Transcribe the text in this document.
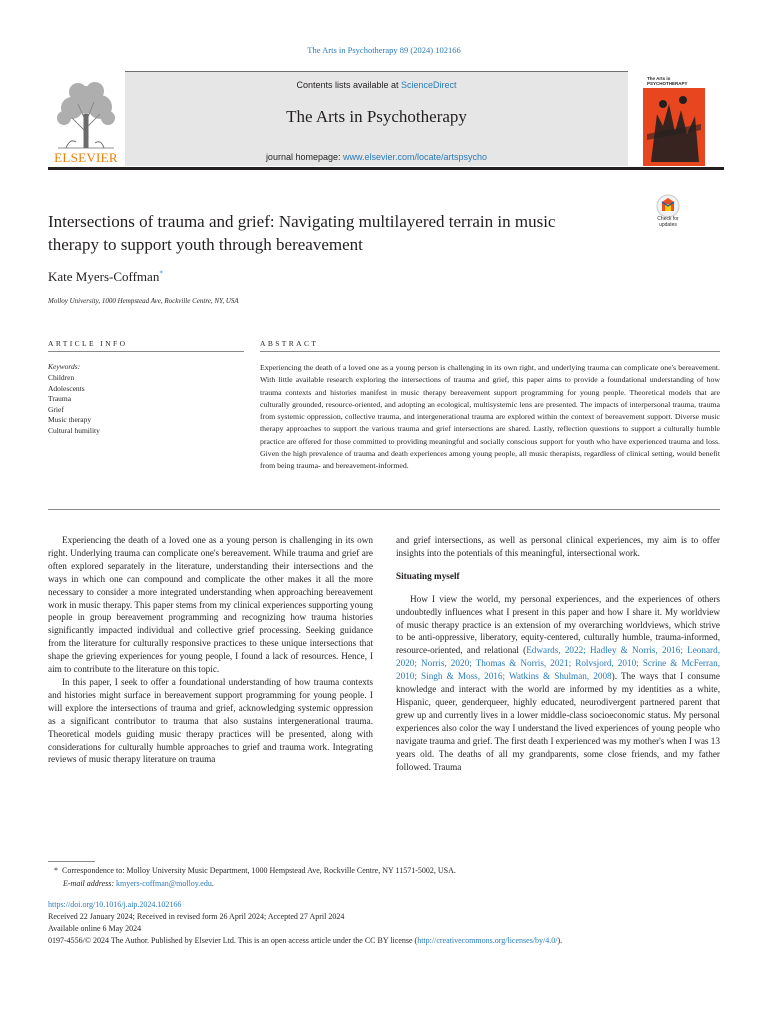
The Arts in Psychotherapy 89 (2024) 102166
Contents lists available at ScienceDirect
The Arts in Psychotherapy
journal homepage: www.elsevier.com/locate/artspsycho
ELSEVIER
The Arts in PSYCHOTHERAPY
Intersections of trauma and grief: Navigating multilayered terrain in music therapy to support youth through bereavement
Check for
updates
Kate Myers-Coffman*
Molloy University, 1000 Hempstead Ave, Rockville Centre, NY, USA
ARTICLE INFO	ABSTRACT
Keywords:
Children
Adolescents
Trauma
Grief
Music therapy
Cultural humility
Experiencing the death of a loved one as a young person is challenging in its own right, and underlying trauma can complicate one's bereavement. With little available research exploring the intersections of trauma and grief, this paper aims to provide a foundational understanding of how trauma contexts and histories manifest in music therapy bereavement support programming for young people. Theoretical models that are culturally grounded, resource-oriented, and adopting an ecological, multisystemic lens are presented. The impacts of interpersonal trauma, trauma from systemic oppression, collective trauma, and intergenerational trauma are explored within the context of bereavement support. Diverse music therapy approaches to support the various trauma and grief intersections are shared. Lastly, reflection questions to support a culturally humble practice are offered for those committed to providing meaningful and socially conscious support for youth who have experienced trauma and loss. Given the high prevalence of trauma and death experiences among young people, all music therapists, regardless of clinical setting, would benefit from being trauma- and bereavement-informed.

Experiencing the death of a loved one as a young person is challenging in its own right. Underlying trauma can complicate one's bereavement. While trauma and grief are often explored separately in the literature, understanding their intersections and the ways in which one can compound and complicate the other makes it all the more necessary to consider a more integrated understanding when approaching bereavement work in music therapy. This paper stems from my clinical experiences supporting young people in group bereavement programming and recognizing how trauma histories significantly impacted individual and collective grief processing. Seeking guidance from the literature for culturally responsive practices to these unique intersections that shape the grieving experiences for young people, I found a lack of resources. Hence, I aim to contribute to the literature on this topic.

In this paper, I seek to offer a foundational understanding of how trauma contexts and histories might surface in bereavement support programming for young people. I will explore the intersections of trauma and grief, acknowledging systemic oppression as a significant contributor to trauma that also sustains intergenerational trauma. Theoretical models guiding music therapy practices will be presented, along with considerations for culturally humble approaches to grief and trauma work. Integrating reviews of music therapy literature on trauma

and grief intersections, as well as personal clinical experiences, my aim is to offer insights into the potentials of this meaningful, intersectional work.

Situating myself

How I view the world, my personal experiences, and the experiences of others undoubtedly influences what I present in this paper and how I share it. My worldview of music therapy practice is an extension of my overarching worldviews, which strive to be anti-oppressive, liberatory, equity-centered, culturally humble, trauma-informed, resource-oriented, and relational (Edwards, 2022; Hadley & Norris, 2016; Leonard, 2020; Norris, 2020; Thomas & Norris, 2021; Rolvsjord, 2010; Scrine & McFerran, 2010; Singh & Moss, 2016; Watkins & Shulman, 2008). The ways that I consume knowledge and interact with the world are informed by my identities as a white, Hispanic, queer, genderqueer, highly educated, neurodivergent partnered parent that grew up and currently lives in a lower middle-class socioeconomic status. My personal experiences also color the way I understand the lived experiences of young people who navigate trauma and grief. The first death I experienced was my mother's when I was 13 years old. The deaths of all my grandparents, some close friends, and my father followed. Trauma

* Correspondence to: Molloy University Music Department, 1000 Hempstead Ave, Rockville Centre, NY 11571-5002, USA.
E-mail address: kmyers-coffman@molloy.edu.
https://doi.org/10.1016/j.aip.2024.102166
Received 22 January 2024; Received in revised form 26 April 2024; Accepted 27 April 2024
Available online 6 May 2024
0197-4556/© 2024 The Author. Published by Elsevier Ltd. This is an open access article under the CC BY license (http://creativecommons.org/licenses/by/4.0/).
